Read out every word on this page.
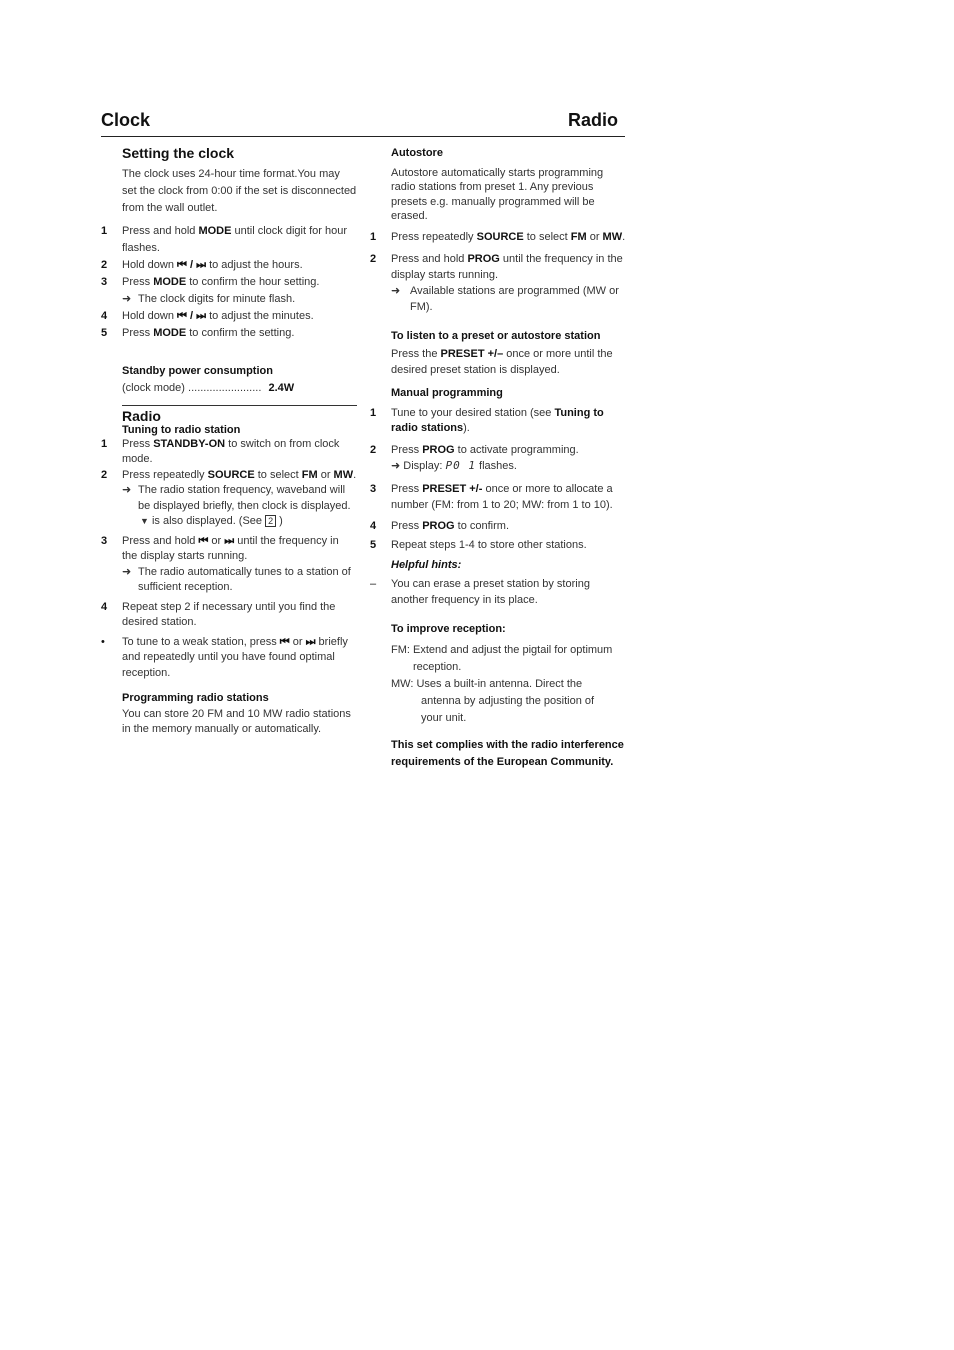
Clock	Radio
Setting the clock
The clock uses 24-hour time format.You may set the clock from 0:00 if the set is disconnected from the wall outlet.
1 Press and hold MODE until clock digit for hour flashes.
2 Hold down ⏮ / ⏭ to adjust the hours.
3 Press MODE to confirm the hour setting.
➜ The clock digits for minute flash.
4 Hold down ⏮ / ⏭ to adjust the minutes.
5 Press MODE to confirm the setting.
Standby power consumption
(clock mode) ........................ 2.4W
Radio
Tuning to radio station
1 Press STANDBY-ON to switch on from clock mode.
2 Press repeatedly SOURCE to select FM or MW.
➜ The radio station frequency, waveband will be displayed briefly, then clock is displayed.
▼ is also displayed. (See 2 )
3 Press and hold ⏮ or ⏭ until the frequency in the display starts running.
➜ The radio automatically tunes to a station of sufficient reception.
4 Repeat step 2 if necessary until you find the desired station.
• To tune to a weak station, press ⏮ or ⏭ briefly and repeatedly until you have found optimal reception.
Programming radio stations
You can store 20 FM and 10 MW radio stations in the memory manually or automatically.
Autostore
Autostore automatically starts programming radio stations from preset 1. Any previous presets e.g. manually programmed will be erased.
1 Press repeatedly SOURCE to select FM or MW.
2 Press and hold PROG until the frequency in the display starts running.
➜ Available stations are programmed (MW or FM).
To listen to a preset or autostore station
Press the PRESET +/– once or more until the desired preset station is displayed.
Manual programming
1 Tune to your desired station (see Tuning to radio stations).
2 Press PROG to activate programming.
➜ Display: P0 1 flashes.
3 Press PRESET +/- once or more to allocate a number (FM: from 1 to 20; MW: from 1 to 10).
4 Press PROG to confirm.
5 Repeat steps 1-4 to store other stations.
Helpful hints:
– You can erase a preset station by storing another frequency in its place.
To improve reception:
FM: Extend and adjust the pigtail for optimum
reception.
MW: Uses a built-in antenna. Direct the
antenna by adjusting the position of
your unit.
This set complies with the radio interference requirements of the European Community.
